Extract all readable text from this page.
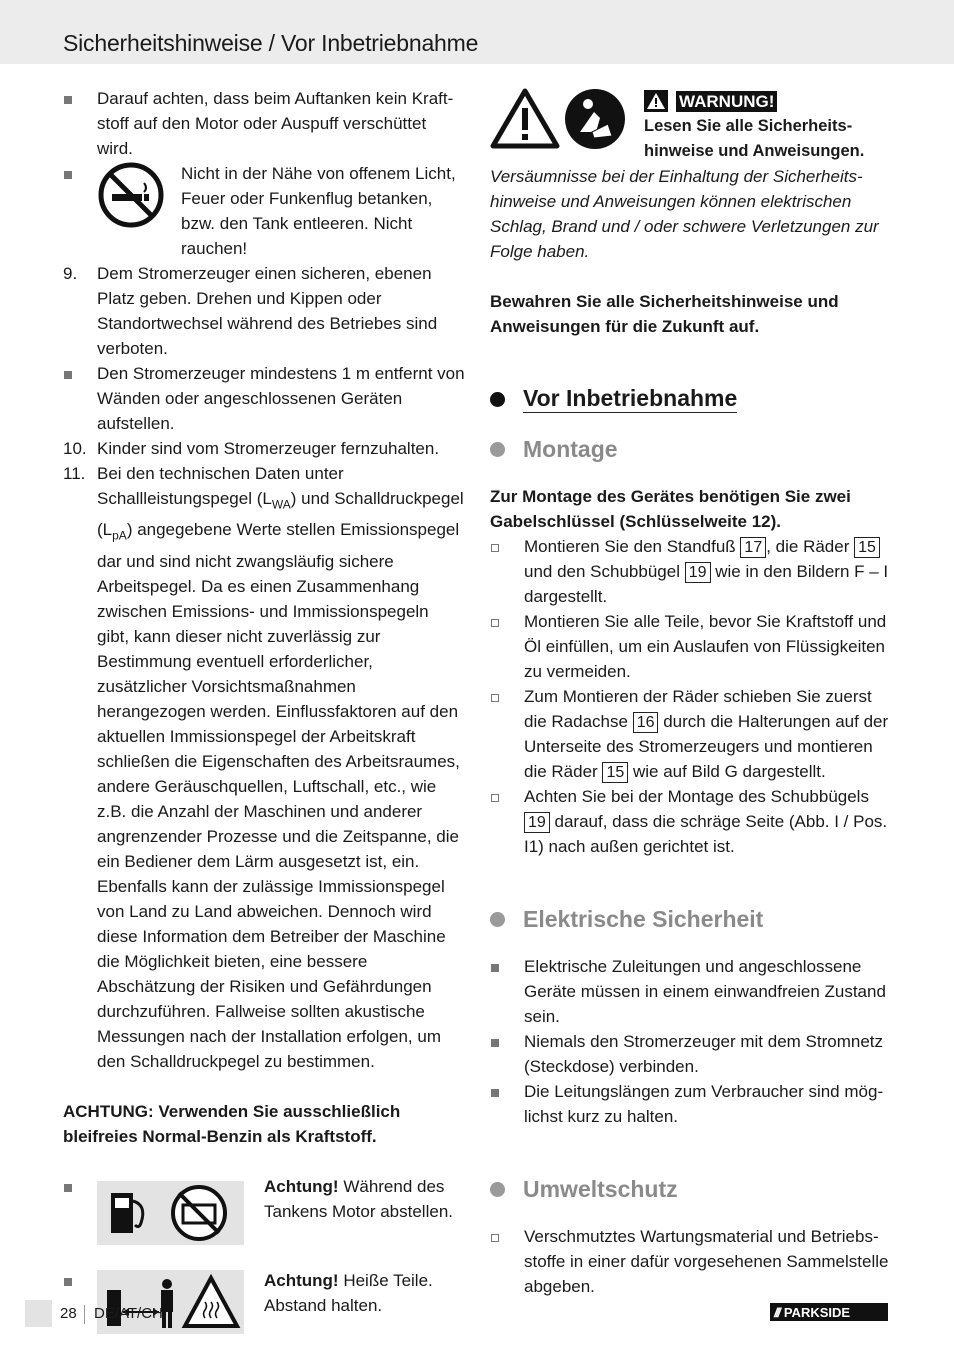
Sicherheitshinweise / Vor Inbetriebnahme
Darauf achten, dass beim Auftanken kein Kraftstoff auf den Motor oder Auspuff verschüttet wird.
Nicht in der Nähe von offenem Licht, Feuer oder Funkenflug betanken, bzw. den Tank entleeren. Nicht rauchen!
9. Dem Stromerzeuger einen sicheren, ebenen Platz geben. Drehen und Kippen oder Standortwechsel während des Betriebes sind verboten.
Den Stromerzeuger mindestens 1 m entfernt von Wänden oder angeschlossenen Geräten aufstellen.
10. Kinder sind vom Stromerzeuger fernzuhalten.
11. Bei den technischen Daten unter Schallleistungspegel $(L_{WA})$ und Schalldruckpegel $(L_{pA})$ angegebene Werte stellen Emissionspegel dar und sind nicht zwangsläufig sichere Arbeitspegel. Da es einen Zusammenhang zwischen Emissions- und Immissionspegeln gibt, kann dieser nicht zuverlässig zur Bestimmung eventuell erforderlicher, zusätzlicher Vorsichtsmaßnahmen herangezogen werden. Einflussfaktoren auf den aktuellen Immissionspegel der Arbeitskraft schließen die Eigenschaften des Arbeitsraumes, andere Geräuschquellen, Luftschall, etc., wie z.B. die Anzahl der Maschinen und anderer angrenzender Prozesse und die Zeitspanne, die ein Bediener dem Lärm ausgesetzt ist, ein. Ebenfalls kann der zulässige Immissionspegel von Land zu Land abweichen. Dennoch wird diese Information dem Betreiber der Maschine die Möglichkeit bieten, eine bessere Abschätzung der Risiken und Gefährdungen durchzuführen. Fallweise sollten akustische Messungen nach der Installation erfolgen, um den Schalldruckpegel zu bestimmen.
ACHTUNG: Verwenden Sie ausschließlich bleifreies Normal-Benzin als Kraftstoff.
Achtung! Während des Tankens Motor abstellen.
Achtung! Heiße Teile. Abstand halten.
WARNUNG!
Lesen Sie alle Sicherheitshinweise und Anweisungen.
Versäumnisse bei der Einhaltung der Sicherheitshinweise und Anweisungen können elektrischen Schlag, Brand und / oder schwere Verletzungen zur Folge haben.
Bewahren Sie alle Sicherheitshinweise und Anweisungen für die Zukunft auf.
Vor Inbetriebnahme
Montage
Zur Montage des Gerätes benötigen Sie zwei Gabelschlüssel (Schlüsselweite 12).
Montieren Sie den Standfuß 17 , die Räder 15 und den Schubbügel 19 wie in den Bildern F – I dargestellt.
Montieren Sie alle Teile, bevor Sie Kraftstoff und Öl einfüllen, um ein Auslaufen von Flüssigkeiten zu vermeiden.
Zum Montieren der Räder schieben Sie zuerst die Radachse 16 durch die Halterungen auf der Unterseite des Stromerzeugers und montieren die Räder 15 wie auf Bild G dargestellt.
Achten Sie bei der Montage des Schubbügels 19 darauf, dass die schräge Seite (Abb. I / Pos. I1) nach außen gerichtet ist.
Elektrische Sicherheit
Elektrische Zuleitungen und angeschlossene Geräte müssen in einem einwandfreien Zustand sein.
Niemals den Stromerzeuger mit dem Stromnetz (Steckdose) verbinden.
Die Leitungslängen zum Verbraucher sind möglichst kurz zu halten.
Umweltschutz
Verschmutztes Wartungsmaterial und Betriebsstoffe in einer dafür vorgesehenen Sammelstelle abgeben.
28 DE/AT/CH	/// PARKSIDE
